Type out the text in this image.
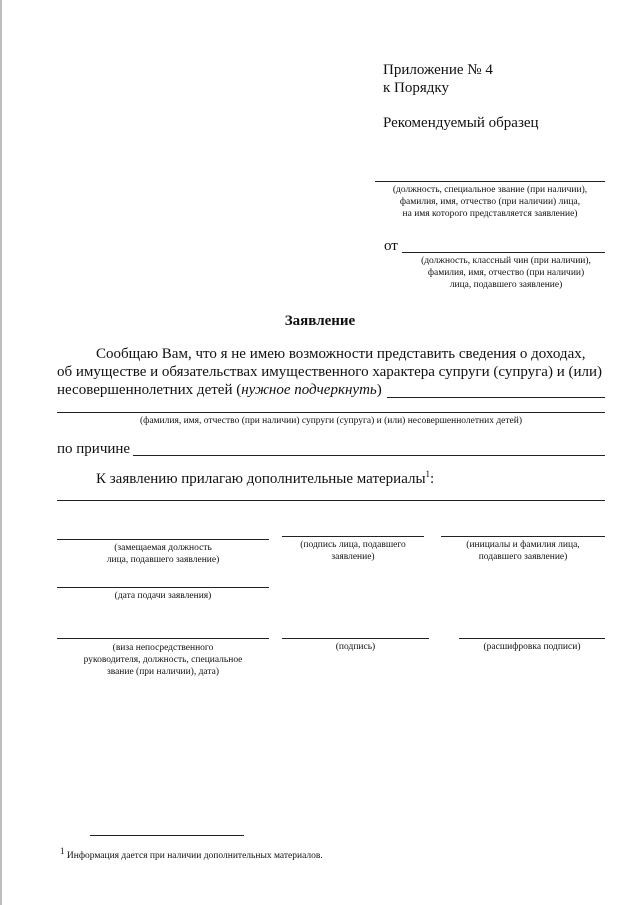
Приложение № 4
к Порядку
Рекомендуемый образец
(должность, специальное звание (при наличии),
фамилия, имя, отчество (при наличии) лица,
на имя которого представляется заявление)
от
(должность, классный чин (при наличии),
фамилия, имя, отчество (при наличии)
лица, подавшего заявление)
Заявление
Сообщаю Вам, что я не имею возможности представить сведения о доходах,
об имуществе и обязательствах имущественного характера супруги (супруга) и (или)
несовершеннолетних детей (нужное подчеркнуть)
(фамилия, имя, отчество (при наличии) супруги (супруга) и (или) несовершеннолетних детей)
по причине
К заявлению прилагаю дополнительные материалы$^1$:
(замещаемая должность
лица, подавшего заявление)
(подпись лица, подавшего
заявление)
(инициалы и фамилия лица,
подавшего заявление)
(дата подачи заявления)
(виза непосредственного
руководителя, должность, специальное
звание (при наличии), дата)
(подпись)	(расшифровка подписи)
$^1$ Информация дается при наличии дополнительных материалов.
